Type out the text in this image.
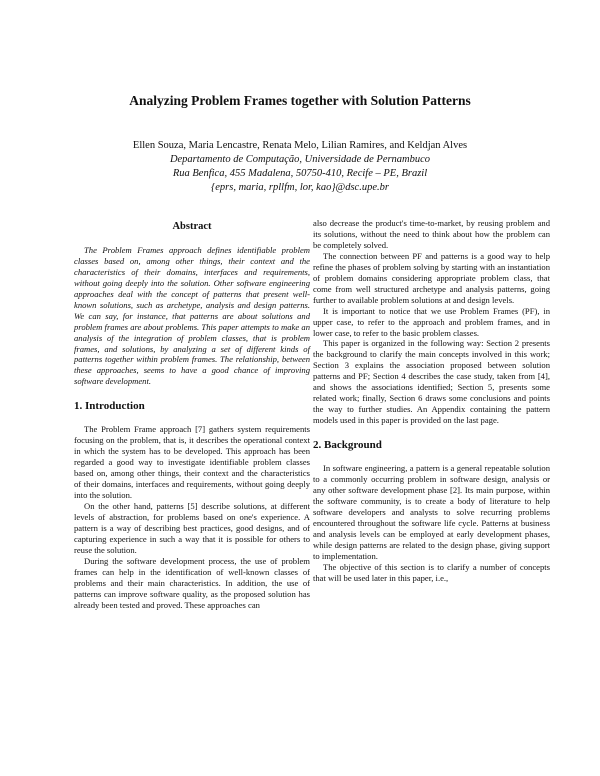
Analyzing Problem Frames together with Solution Patterns
Ellen Souza, Maria Lencastre, Renata Melo, Lilian Ramires, and Keldjan Alves
Departamento de Computação, Universidade de Pernambuco
Rua Benfica, 455 Madalena, 50750-410, Recife – PE, Brazil
{eprs, maria, rpllfm, lor, kao}@dsc.upe.br
Abstract

The Problem Frames approach defines identifiable problem classes based on, among other things, their context and the characteristics of their domains, interfaces and requirements, without going deeply into the solution. Other software engineering approaches deal with the concept of patterns that present well-known solutions, such as archetype, analysis and design patterns. We can say, for instance, that patterns are about solutions and problem frames are about problems. This paper attempts to make an analysis of the integration of problem classes, that is problem frames, and solutions, by analyzing a set of different kinds of patterns together within problem frames. The relationship, between these approaches, seems to have a good chance of improving software development.

1. Introduction

The Problem Frame approach [7] gathers system requirements focusing on the problem, that is, it describes the operational context in which the system has to be developed. This approach has been regarded a good way to investigate identifiable problem classes based on, among other things, their context and the characteristics of their domains, interfaces and requirements, without going deeply into the solution.

On the other hand, patterns [5] describe solutions, at different levels of abstraction, for problems based on one's experience. A pattern is a way of describing best practices, good designs, and of capturing experience in such a way that it is possible for others to reuse the solution.

During the software development process, the use of problem frames can help in the identification of well-known classes of problems and their main characteristics. In addition, the use of patterns can improve software quality, as the proposed solution has already been tested and proved. These approaches can

also decrease the product's time-to-market, by reusing problem and its solutions, without the need to think about how the problem can be completely solved.

The connection between PF and patterns is a good way to help refine the phases of problem solving by starting with an instantiation of problem domains considering appropriate problem class, that come from well structured archetype and analysis patterns, going further to available problem solutions at and design levels.

It is important to notice that we use Problem Frames (PF), in upper case, to refer to the approach and problem frames, and in lower case, to refer to the basic problem classes.

This paper is organized in the following way: Section 2 presents the background to clarify the main concepts involved in this work; Section 3 explains the association proposed between solution patterns and PF; Section 4 describes the case study, taken from [4], and shows the associations identified; Section 5, presents some related work; finally, Section 6 draws some conclusions and points the way to further studies. An Appendix containing the pattern models used in this paper is provided on the last page.

2. Background

In software engineering, a pattern is a general repeatable solution to a commonly occurring problem in software design, analysis or any other software development phase [2]. Its main purpose, within the software community, is to create a body of literature to help software developers and analysts to solve recurring problems encountered throughout the software life cycle. Patterns at business and analysis levels can be employed at early development phases, while design patterns are related to the design phase, giving support to implementation.

The objective of this section is to clarify a number of concepts that will be used later in this paper, i.e.,
